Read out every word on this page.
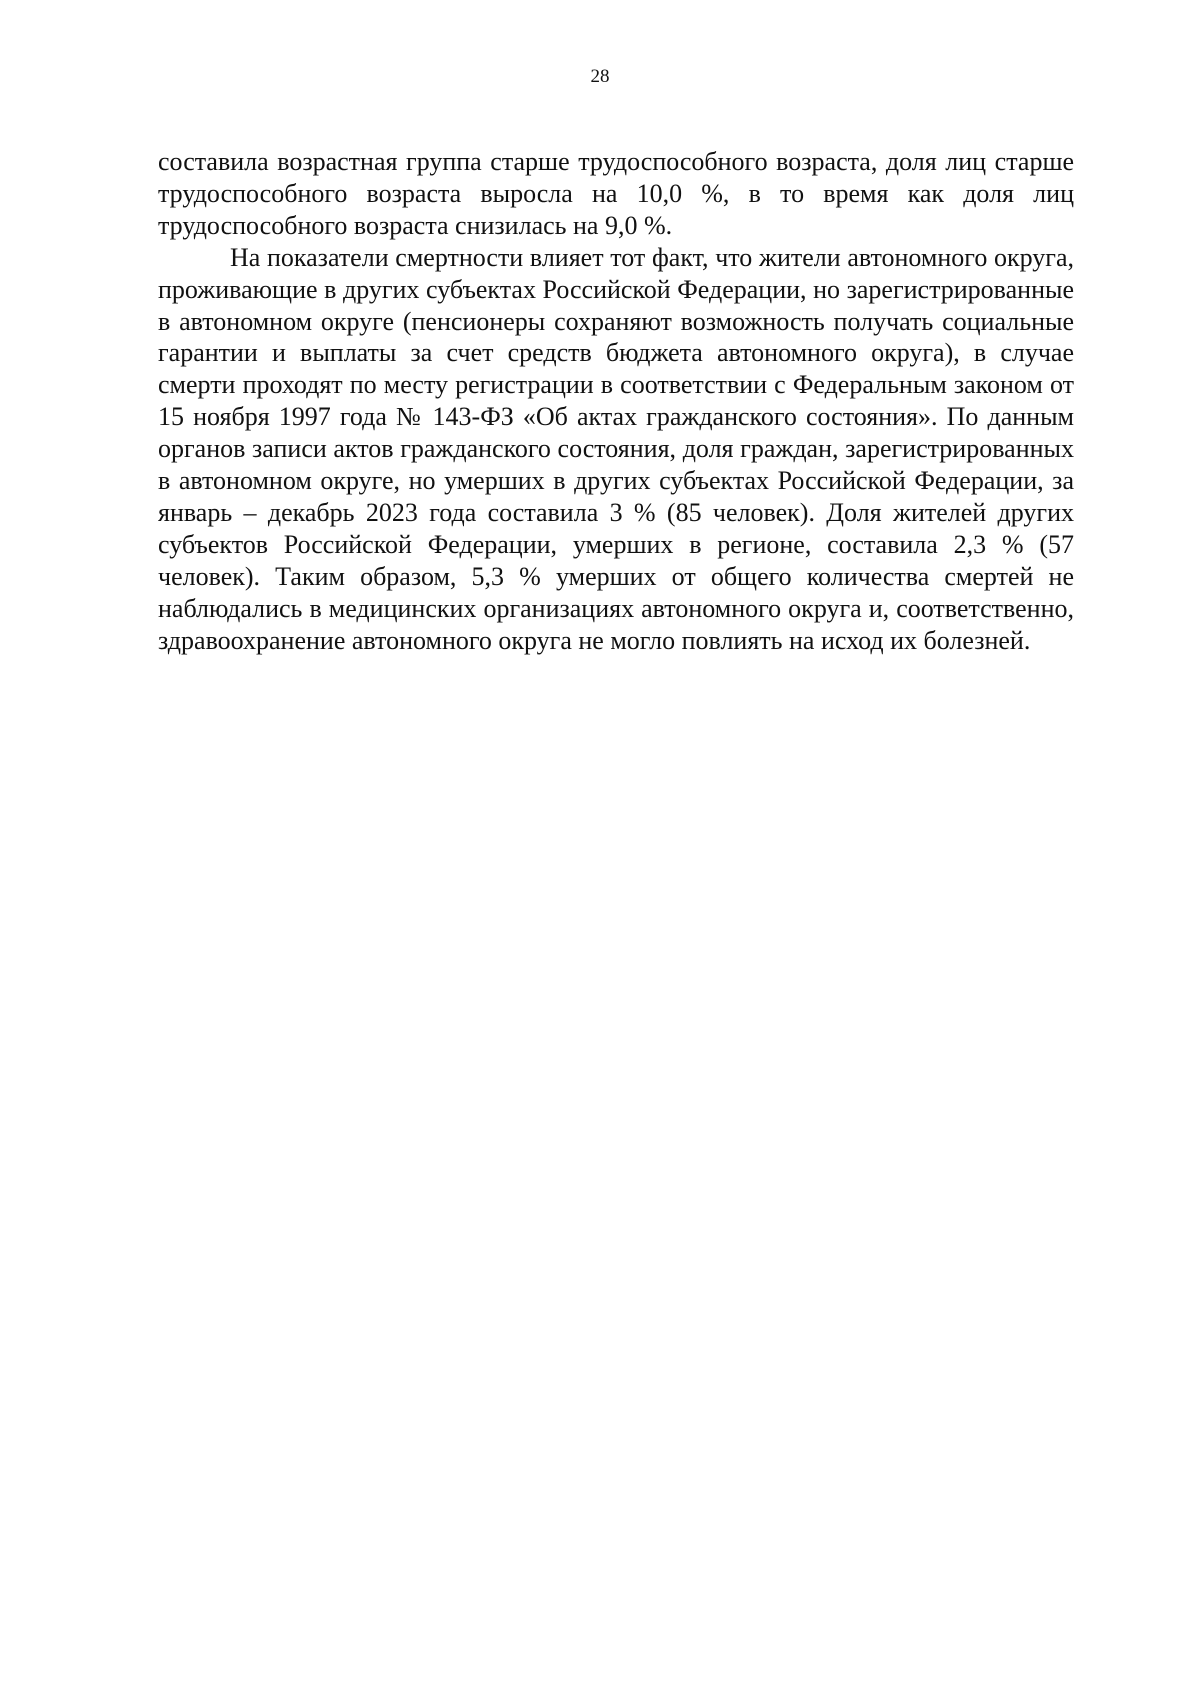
28

составила возрастная группа старше трудоспособного возраста, доля лиц старше трудоспособного возраста выросла на 10,0 %, в то время как доля лиц трудоспособного возраста снизилась на 9,0 %.

На показатели смертности влияет тот факт, что жители автономного округа, проживающие в других субъектах Российской Федерации, но зарегистрированные в автономном округе (пенсионеры сохраняют возможность получать социальные гарантии и выплаты за счет средств бюджета автономного округа), в случае смерти проходят по месту регистрации в соответствии с Федеральным законом от 15 ноября 1997 года № 143-ФЗ «Об актах гражданского состояния». По данным органов записи актов гражданского состояния, доля граждан, зарегистрированных в автономном округе, но умерших в других субъектах Российской Федерации, за январь – декабрь 2023 года составила 3 % (85 человек). Доля жителей других субъектов Российской Федерации, умерших в регионе, составила 2,3 % (57 человек). Таким образом, 5,3 % умерших от общего количества смертей не наблюдались в медицинских организациях автономного округа и, соответственно, здравоохранение автономного округа не могло повлиять на исход их болезней.
